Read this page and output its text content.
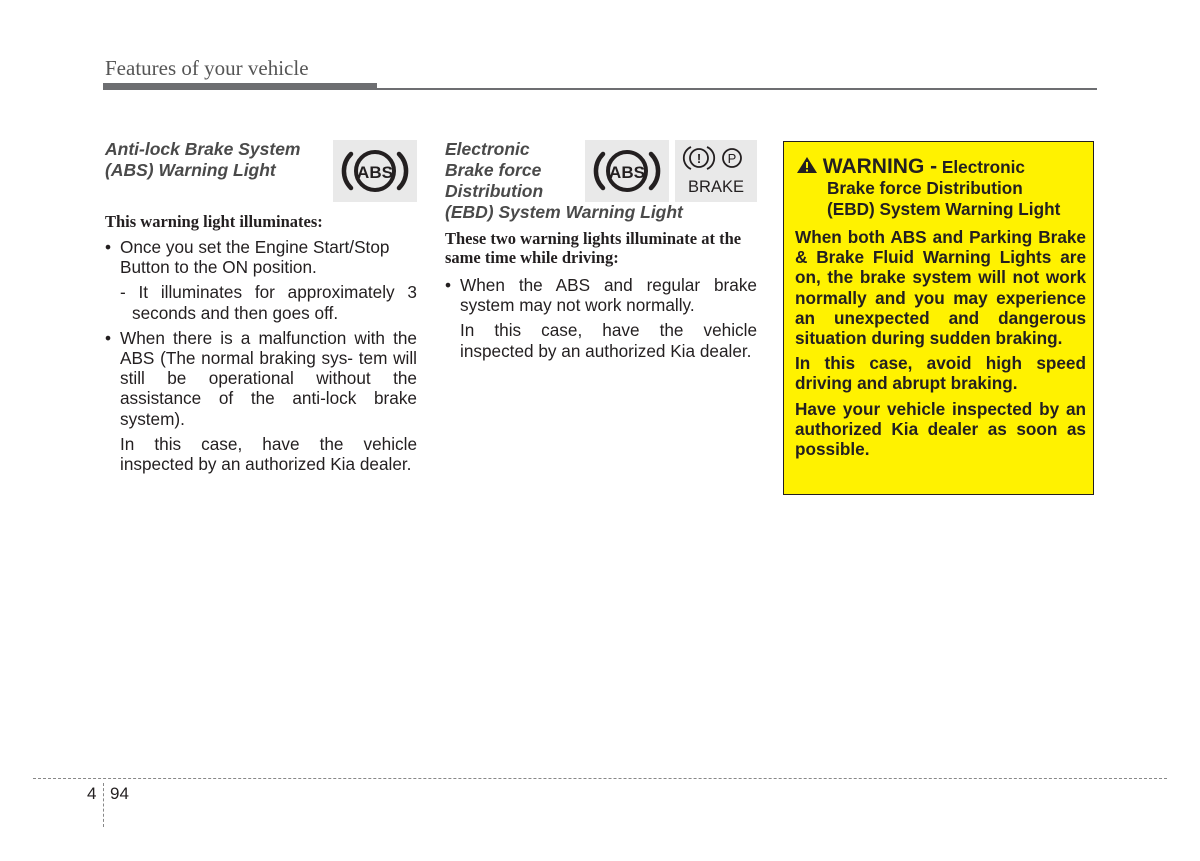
Features of your vehicle
Anti-lock Brake System
(ABS) Warning Light	ABS
This warning light illuminates:
• Once you set the Engine Start/Stop
Button to the ON position.
- It illuminates for approximately 3
seconds and then goes off.
• When there is a malfunction with the ABS (The normal braking sys- tem will still be operational without the assistance of the anti-lock brake system).
In this case, have the vehicle inspected by an authorized Kia dealer.
Electronic
Brake force
Distribution
(EBD) System Warning Light
ABS
! P
BRAKE
These two warning lights illuminate at the same time while driving:
• When the ABS and regular brake system may not work normally.
In this case, have the vehicle inspected by an authorized Kia dealer.
WARNING - Electronic
Brake force Distribution
(EBD) System Warning Light

When both ABS and Parking Brake & Brake Fluid Warning Lights are on, the brake system will not work normally and you may experience an unexpected and dangerous situation during sudden braking.

In this case, avoid high speed driving and abrupt braking.

Have your vehicle inspected by an authorized Kia dealer as soon as possible.

4 94
